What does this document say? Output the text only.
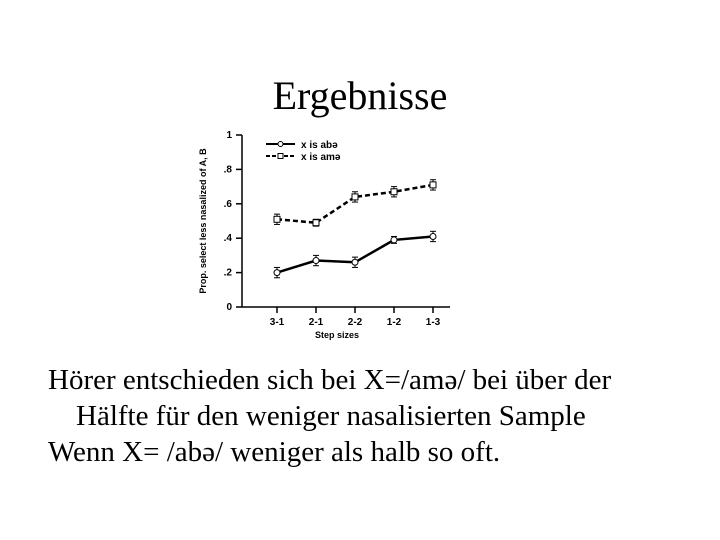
Ergebnisse
0
.2
.4
.6
.8
1
3-1 2-1 2-2 1-2 1-3
Step sizes
Prop. select less nasalized of A, B
x is abə
x is amə

Hörer entschieden sich bei X=/amə/ bei über der Hälfte für den weniger nasalisierten Sample

Wenn X= /abə/ weniger als halb so oft.
